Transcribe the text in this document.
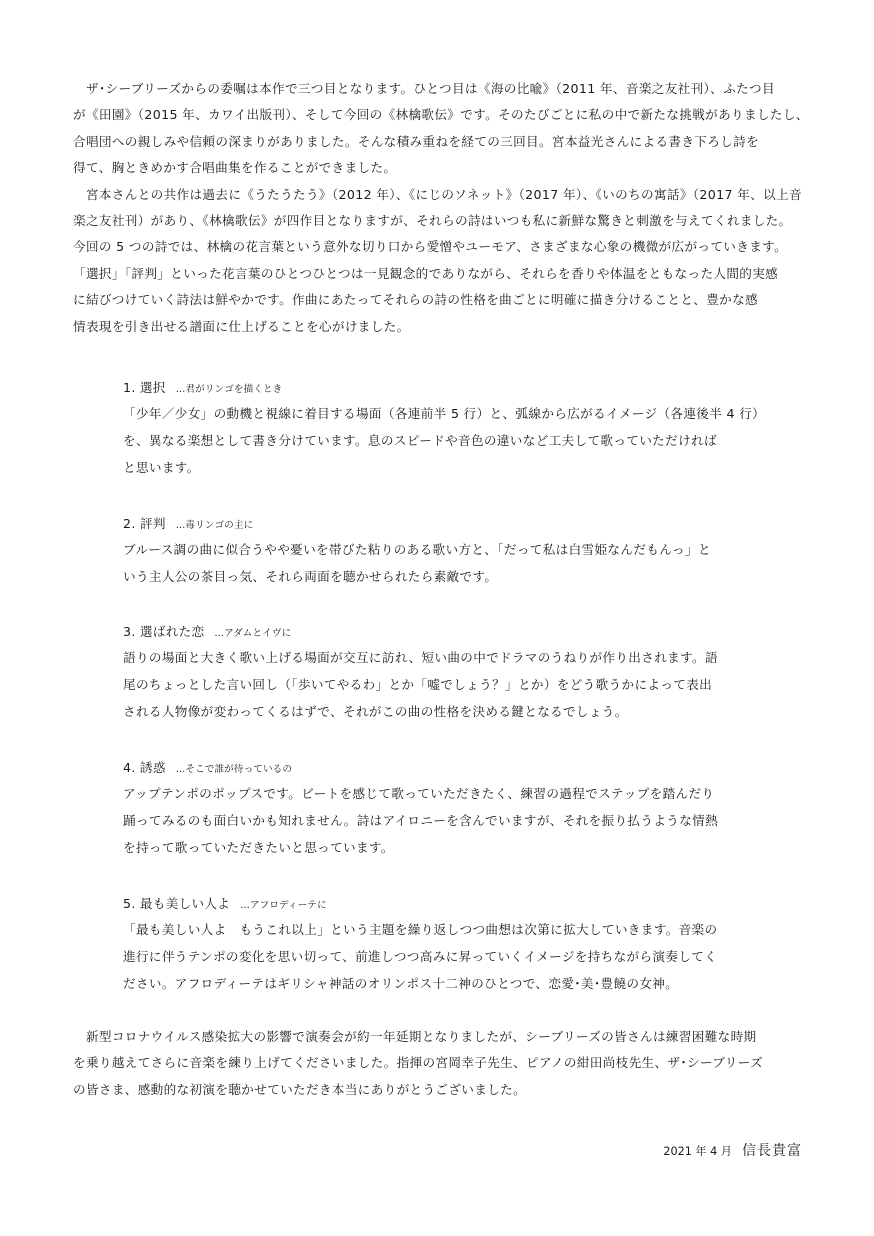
　ザ･シーブリーズからの委嘱は本作で三つ目となります。ひとつ目は《海の比喩》（2011 年、音楽之友社刊）、ふたつ目
が《田園》（2015 年、カワイ出版刊）、そして今回の《林檎歌伝》です。そのたびごとに私の中で新たな挑戦がありましたし、
合唱団への親しみや信頼の深まりがありました。そんな積み重ねを経ての三回目。宮本益光さんによる書き下ろし詩を
得て、胸ときめかす合唱曲集を作ることができました。
　宮本さんとの共作は過去に《うたうたう》（2012 年）、《にじのソネット》（2017 年）、《いのちの寓話》（2017 年、以上音
楽之友社刊）があり、《林檎歌伝》が四作目となりますが、それらの詩はいつも私に新鮮な驚きと刺激を与えてくれました。
今回の 5 つの詩では、林檎の花言葉という意外な切り口から愛憎やユーモア、さまざまな心象の機微が広がっていきます。
「選択」「評判」といった花言葉のひとつひとつは一見観念的でありながら、それらを香りや体温をともなった人間的実感
に結びつけていく詩法は鮮やかです。作曲にあたってそれらの詩の性格を曲ごとに明確に描き分けることと、豊かな感
情表現を引き出せる譜面に仕上げることを心がけました。
1. 選択 …君がリンゴを描くとき
「少年／少女」の動機と視線に着目する場面（各連前半 5 行）と、弧線から広がるイメージ（各連後半 4 行）
を、異なる楽想として書き分けています。息のスピードや音色の違いなど工夫して歌っていただければ
と思います。
2. 評判 …毒リンゴの主に
ブルース調の曲に似合うやや憂いを帯びた粘りのある歌い方と、「だって私は白雪姫なんだもんっ」と
いう主人公の茶目っ気、それら両面を聴かせられたら素敵です。
3. 選ばれた恋 …アダムとイヴに
語りの場面と大きく歌い上げる場面が交互に訪れ、短い曲の中でドラマのうねりが作り出されます。語
尾のちょっとした言い回し（「歩いてやるわ」とか「嘘でしょう？」とか）をどう歌うかによって表出
される人物像が変わってくるはずで、それがこの曲の性格を決める鍵となるでしょう。
4. 誘惑 …そこで誰が待っているの
アップテンポのポップスです。ビートを感じて歌っていただきたく、練習の過程でステップを踏んだり
踊ってみるのも面白いかも知れません。詩はアイロニーを含んでいますが、それを振り払うような情熱
を持って歌っていただきたいと思っています。
5. 最も美しい人よ …アフロディーテに
「最も美しい人よ　もうこれ以上」という主題を繰り返しつつ曲想は次第に拡大していきます。音楽の
進行に伴うテンポの変化を思い切って、前進しつつ高みに昇っていくイメージを持ちながら演奏してく
ださい。アフロディーテはギリシャ神話のオリンポス十二神のひとつで、恋愛･美･豊饒の女神。
　新型コロナウイルス感染拡大の影響で演奏会が約一年延期となりましたが、シーブリーズの皆さんは練習困難な時期
を乗り越えてさらに音楽を練り上げてくださいました。指揮の宮岡幸子先生、ピアノの紺田尚枝先生、ザ･シーブリーズ
の皆さま、感動的な初演を聴かせていただき本当にありがとうございました。
2021 年 4 月 信長貴富
